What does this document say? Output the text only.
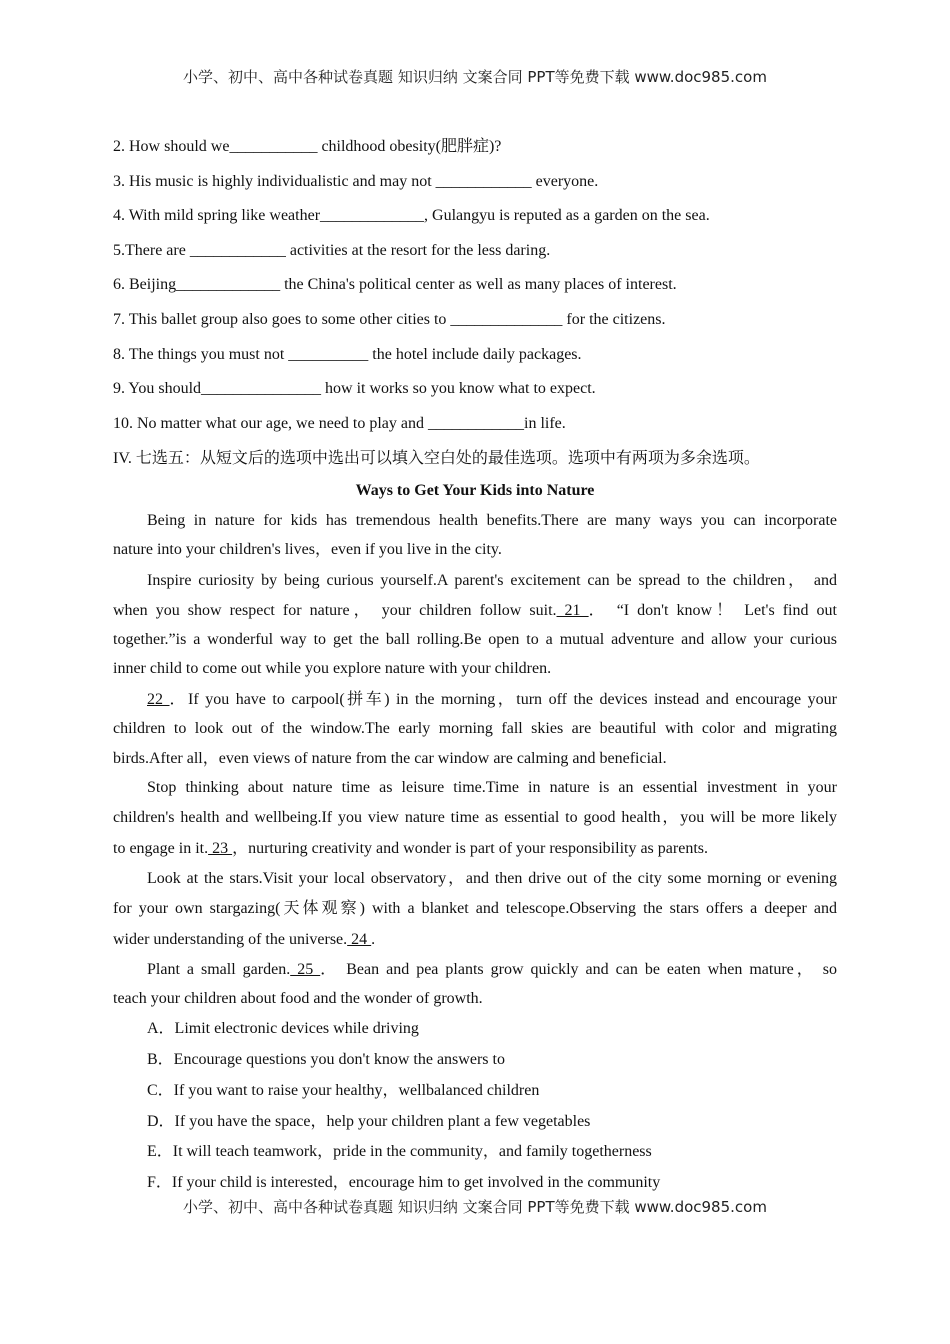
小学、初中、高中各种试卷真题 知识归纳 文案合同 PPT等免费下载 www.doc985.com
2. How should we___________ childhood obesity(肥胖症)?
3. His music is highly individualistic and may not ____________ everyone.
4. With mild spring like weather_____________, Gulangyu is reputed as a garden on the sea.
5.There are ____________ activities at the resort for the less daring.
6. Beijing_____________ the China's political center as well as many places of interest.
7. This ballet group also goes to some other cities to ______________ for the citizens.
8. The things you must not __________ the hotel include daily packages.
9. You should_______________ how it works so you know what to expect.
10. No matter what our age, we need to play and ____________in life.
IV. 七选五：从短文后的选项中选出可以填入空白处的最佳选项。选项中有两项为多余选项。
Ways to Get Your Kids into Nature
Being in nature for kids has tremendous health benefits.There are many ways you can incorporate
nature into your children's lives，even if you live in the city.
Inspire curiosity by being curious yourself.A parent's excitement can be spread to the children， and
when you show respect for nature， your children follow suit. 21 ． “I don't know！ Let's find out
together.”is a wonderful way to get the ball rolling.Be open to a mutual adventure and allow your curious
inner child to come out while you explore nature with your children.
22 ．If you have to carpool(拼车) in the morning，turn off the devices instead and encourage your
children to look out of the window.The early morning fall skies are beautiful with color and migrating
birds.After all，even views of nature from the car window are calming and beneficial.
Stop thinking about nature time as leisure time.Time in nature is an essential investment in your
children's health and wellbeing.If you view nature time as essential to good health，you will be more likely
to engage in it. 23 ，nurturing creativity and wonder is part of your responsibility as parents.
Look at the stars.Visit your local observatory，and then drive out of the city some morning or evening
for your own stargazing(天体观察) with a blanket and telescope.Observing the stars offers a deeper and
wider understanding of the universe. 24 .
Plant a small garden. 25 ． Bean and pea plants grow quickly and can be eaten when mature， so
teach your children about food and the wonder of growth.
A．Limit electronic devices while driving
B．Encourage questions you don't know the answers to
C．If you want to raise your healthy，wellbalanced children
D．If you have the space，help your children plant a few vegetables
E．It will teach teamwork，pride in the community，and family togetherness
F．If your child is interested，encourage him to get involved in the community
小学、初中、高中各种试卷真题 知识归纳 文案合同 PPT等免费下载 www.doc985.com
